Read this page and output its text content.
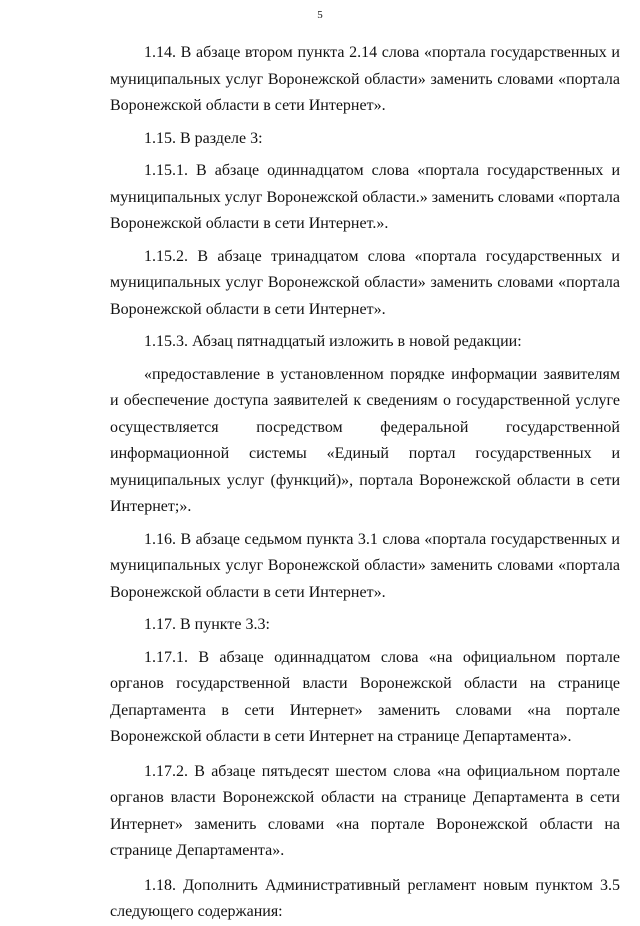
5

1.14. В абзаце втором пункта 2.14 слова «портала государственных и муниципальных услуг Воронежской области» заменить словами «портала Воронежской области в сети Интернет».

1.15. В разделе 3:

1.15.1. В абзаце одиннадцатом слова «портала государственных и муниципальных услуг Воронежской области.» заменить словами «портала Воронежской области в сети Интернет.».

1.15.2. В абзаце тринадцатом слова «портала государственных и муниципальных услуг Воронежской области» заменить словами «портала Воронежской области в сети Интернет».

1.15.3. Абзац пятнадцатый изложить в новой редакции:

«предоставление в установленном порядке информации заявителям и обеспечение доступа заявителей к сведениям о государственной услуге осуществляется посредством федеральной государственной информационной системы «Единый портал государственных и муниципальных услуг (функций)», портала Воронежской области в сети Интернет;».

1.16. В абзаце седьмом пункта 3.1 слова «портала государственных и муниципальных услуг Воронежской области» заменить словами «портала Воронежской области в сети Интернет».

1.17. В пункте 3.3:

1.17.1. В абзаце одиннадцатом слова «на официальном портале органов государственной власти Воронежской области на странице Департамента в сети Интернет» заменить словами «на портале Воронежской области в сети Интернет на странице Департамента».

1.17.2. В абзаце пятьдесят шестом слова «на официальном портале органов власти Воронежской области на странице Департамента в сети Интернет» заменить словами «на портале Воронежской области на странице Департамента».

1.18. Дополнить Административный регламент новым пунктом 3.5 следующего содержания:
